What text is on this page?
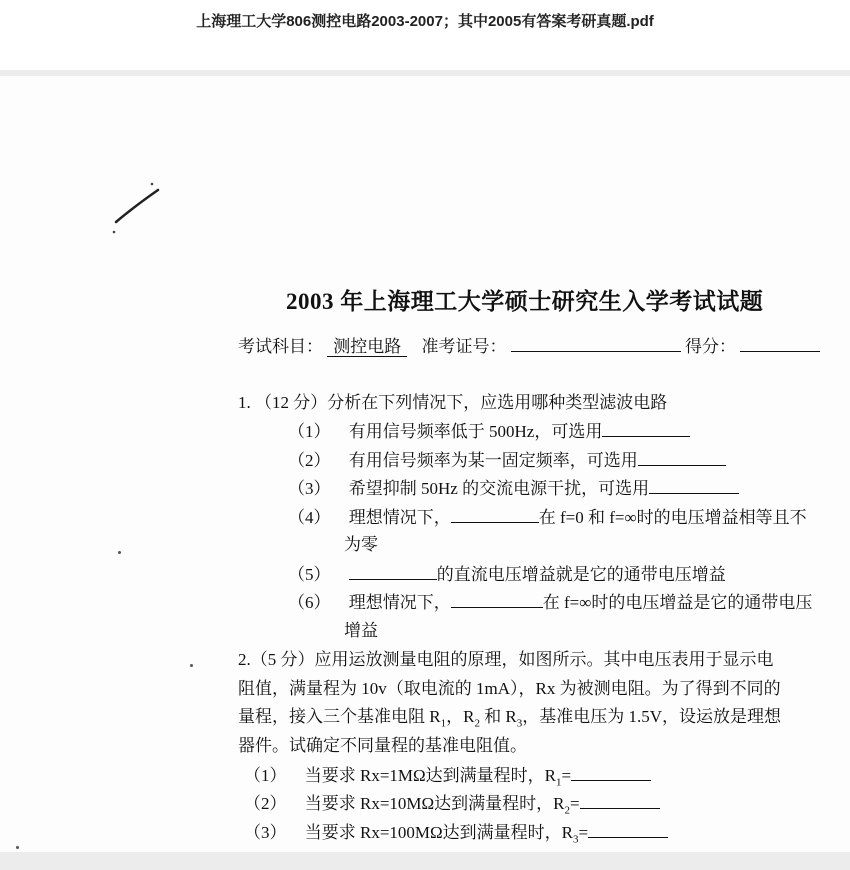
上海理工大学806测控电路2003-2007；其中2005有答案考研真题.pdf
2003 年上海理工大学硕士研究生入学考试试题
考试科目： 测控电路 准考证号：	得分：
1. （12 分）分析在下列情况下，应选用哪种类型滤波电路
（1） 有用信号频率低于 500Hz，可选用
（2） 有用信号频率为某一固定频率，可选用
（3） 希望抑制 50Hz 的交流电源干扰，可选用
（4） 理想情况下，	在 f=0 和 f=∞时的电压增益相等且不
为零
（5）	的直流电压增益就是它的通带电压增益
（6） 理想情况下，	在 f=∞时的电压增益是它的通带电压
增益
2.（5 分）应用运放测量电阻的原理，如图所示。其中电压表用于显示电
阻值，满量程为 10v（取电流的 1mA），Rx 为被测电阻。为了得到不同的
量程，接入三个基准电阻 $R_1$，$R_2$ 和 $R_3$，基准电压为 1.5V，设运放是理想
器件。试确定不同量程的基准电阻值。
（1） 当要求 Rx=1MΩ达到满量程时，$R_1=$
（2） 当要求 Rx=10MΩ达到满量程时，$R_2=$
（3） 当要求 Rx=100MΩ达到满量程时，$R_3=$
